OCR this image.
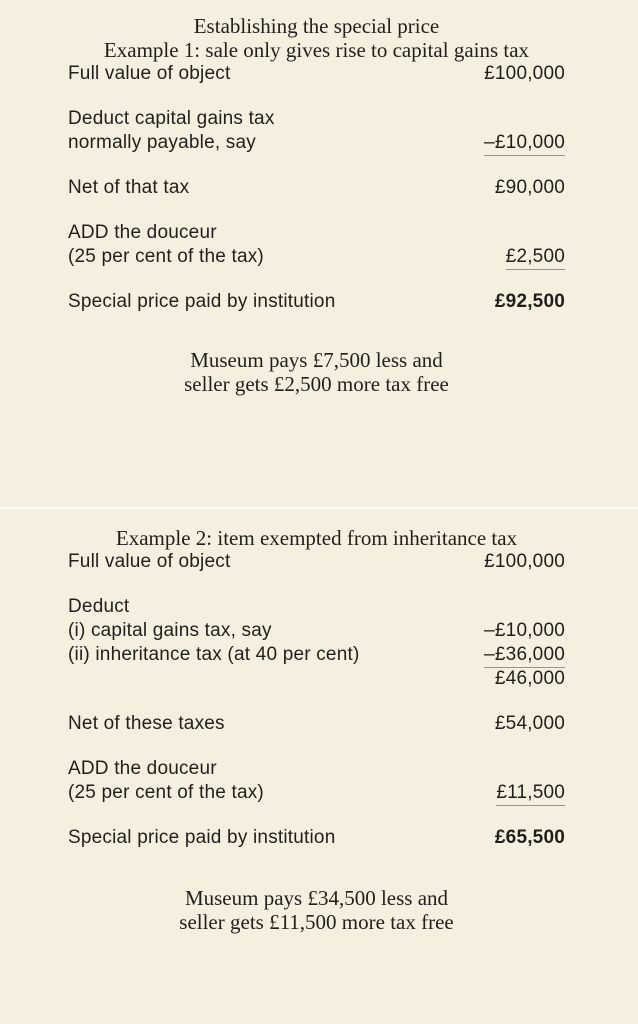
Establishing the special price
Example 1: sale only gives rise to capital gains tax
Full value of object	£100,000
Deduct capital gains tax
normally payable, say	–£10,000
Net of that tax	£90,000
ADD the douceur
(25 per cent of the tax)	£2,500
Special price paid by institution	£92,500
Museum pays £7,500 less and
seller gets £2,500 more tax free
Example 2: item exempted from inheritance tax
Full value of object	£100,000
Deduct
(i) capital gains tax, say	–£10,000
(ii) inheritance tax (at 40 per cent)	–£36,000
£46,000
Net of these taxes	£54,000
ADD the douceur
(25 per cent of the tax)	£11,500
Special price paid by institution	£65,500
Museum pays £34,500 less and
seller gets £11,500 more tax free
